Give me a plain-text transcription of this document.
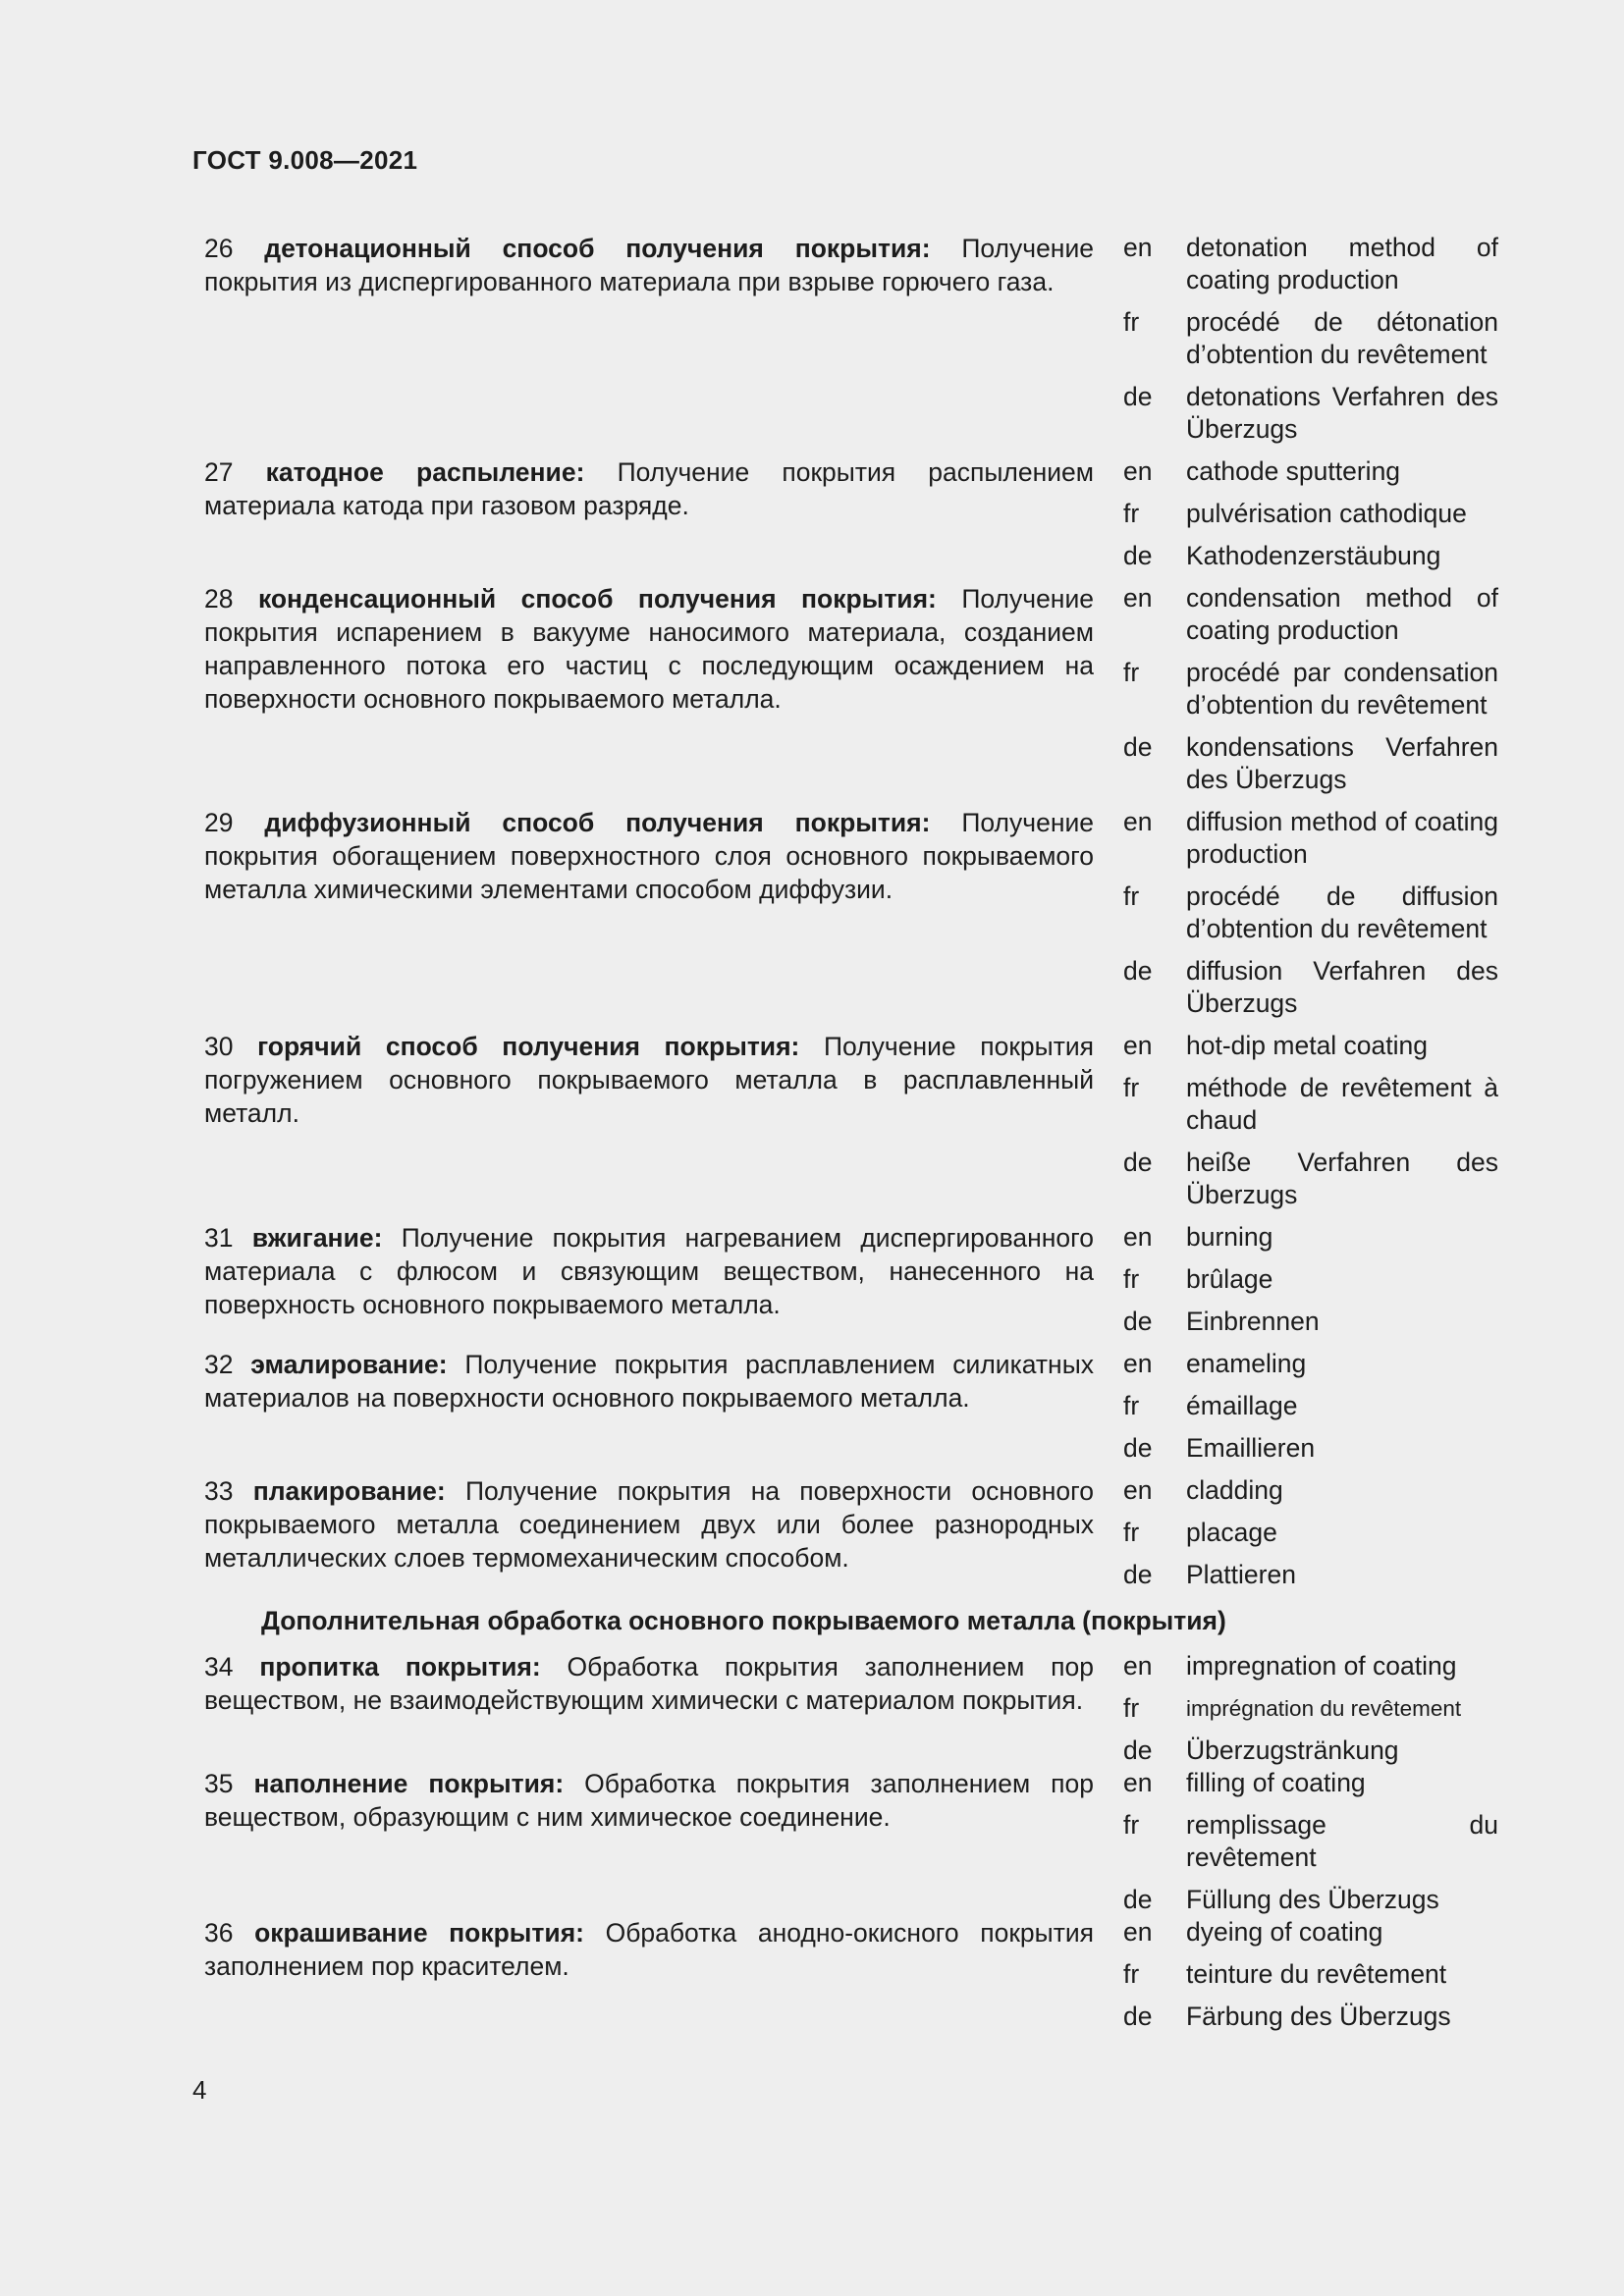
ГОСТ 9.008—2021
26 детонационный способ получения покрытия: Получение покрытия из диспергированного материала при взрыве горючего газа.
en	detonation method of coating production
fr	procédé de détonation d’obtention du revêtement
de	detonations Verfahren des Überzugs
27 катодное распыление: Получение покрытия распылением материала катода при газовом разряде.
en	cathode sputtering
fr	pulvérisation cathodique
de	Kathodenzerstäubung
28 конденсационный способ получения покрытия: Получение покрытия испарением в вакууме наносимого материала, созданием направленного потока его частиц с последующим осаждением на поверхности основного покрываемого металла.
en	condensation method of coating production
fr	procédé par condensation d’obtention du revêtement
de	kondensations Verfahren des Überzugs
29 диффузионный способ получения покрытия: Получение покрытия обогащением поверхностного слоя основного покрываемого металла химическими элементами способом диффузии.
en	diffusion method of coating production
fr	procédé de diffusion d’obtention du revêtement
de	diffusion Verfahren des Überzugs
30 горячий способ получения покрытия: Получение покрытия погружением основного покрываемого металла в расплавленный металл.
en	hot-dip metal coating
fr	méthode de revêtement à chaud
de	heiße Verfahren des Überzugs
31 вжигание: Получение покрытия нагреванием диспергированного материала с флюсом и связующим веществом, нанесенного на поверхность основного покрываемого металла.
en	burning
fr	brûlage
de	Einbrennen
32 эмалирование: Получение покрытия расплавлением силикатных материалов на поверхности основного покрываемого металла.
en	enameling
fr	émaillage
de	Emaillieren
33 плакирование: Получение покрытия на поверхности основного покрываемого металла соединением двух или более разнородных металлических слоев термомеханическим способом.
en	cladding
fr	placage
de	Plattieren
Дополнительная обработка основного покрываемого металла (покрытия)
34 пропитка покрытия: Обработка покрытия заполнением пор веществом, не взаимодействующим химически с материалом покрытия.
en	impregnation of coating
fr	imprégnation du revêtement
de	Überzugstränkung
35 наполнение покрытия: Обработка покрытия заполнением пор веществом, образующим с ним химическое соединение.
en	filling of coating
fr	remplissage du revêtement
de	Füllung des Überzugs
36 окрашивание покрытия: Обработка анодно-окисного покрытия заполнением пор красителем.
en	dyeing of coating
fr	teinture du revêtement
de	Färbung des Überzugs
4
